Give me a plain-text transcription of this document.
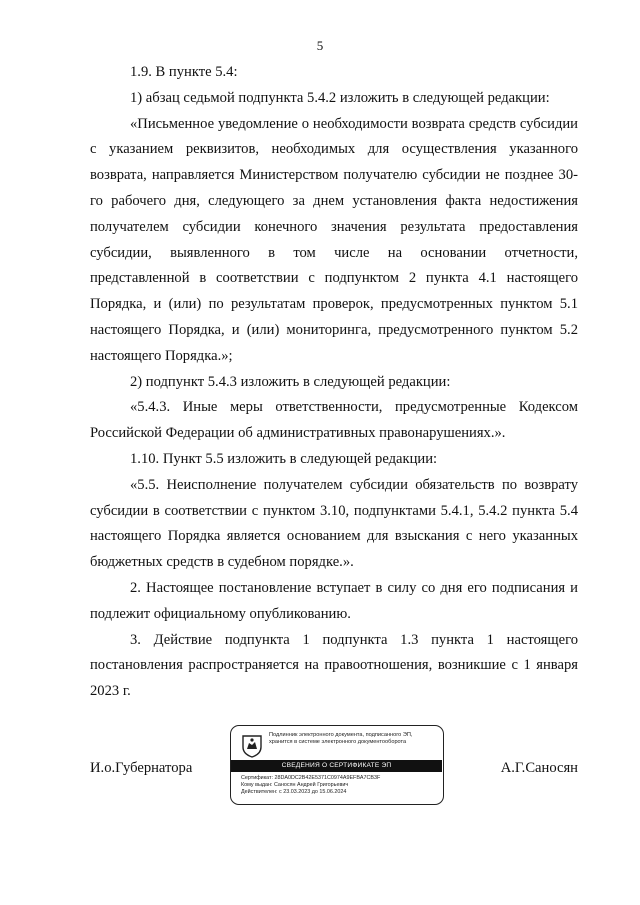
5

1.9. В пункте 5.4:

1) абзац седьмой подпункта 5.4.2 изложить в следующей редакции:

«Письменное уведомление о необходимости возврата средств субсидии с указанием реквизитов, необходимых для осуществления указанного возврата, направляется Министерством получателю субсидии не позднее 30-го рабочего дня, следующего за днем установления факта недостижения получателем субсидии конечного значения результата предоставления субсидии, выявленного в том числе на основании отчетности, представленной в соответствии с подпунктом 2 пункта 4.1 настоящего Порядка, и (или) по результатам проверок, предусмотренных пунктом 5.1 настоящего Порядка, и (или) мониторинга, предусмотренного пунктом 5.2 настоящего Порядка.»;

2) подпункт 5.4.3 изложить в следующей редакции:

«5.4.3. Иные меры ответственности, предусмотренные Кодексом Российской Федерации об административных правонарушениях.».

1.10. Пункт 5.5 изложить в следующей редакции:

«5.5. Неисполнение получателем субсидии обязательств по возврату субсидии в соответствии с пунктом 3.10, подпунктами 5.4.1, 5.4.2 пункта 5.4 настоящего Порядка является основанием для взыскания с него указанных бюджетных средств в судебном порядке.».

2. Настоящее постановление вступает в силу со дня его подписания и подлежит официальному опубликованию.

3. Действие подпункта 1 подпункта 1.3 пункта 1 настоящего постановления распространяется на правоотношения, возникшие с 1 января 2023 г.

И.о.Губернатора	А.Г.Саносян
Подлинник электронного документа, подписанного ЭП,
хранится в системе электронного документооборота
СВЕДЕНИЯ О СЕРТИФИКАТЕ ЭП
Сертификат: 28DA0DC2B42E5371C0974A9EFBA7CB3F
Кому выдан: Саносян Андрей Григорьевич
Действителен: с 23.03.2023 до 15.06.2024
